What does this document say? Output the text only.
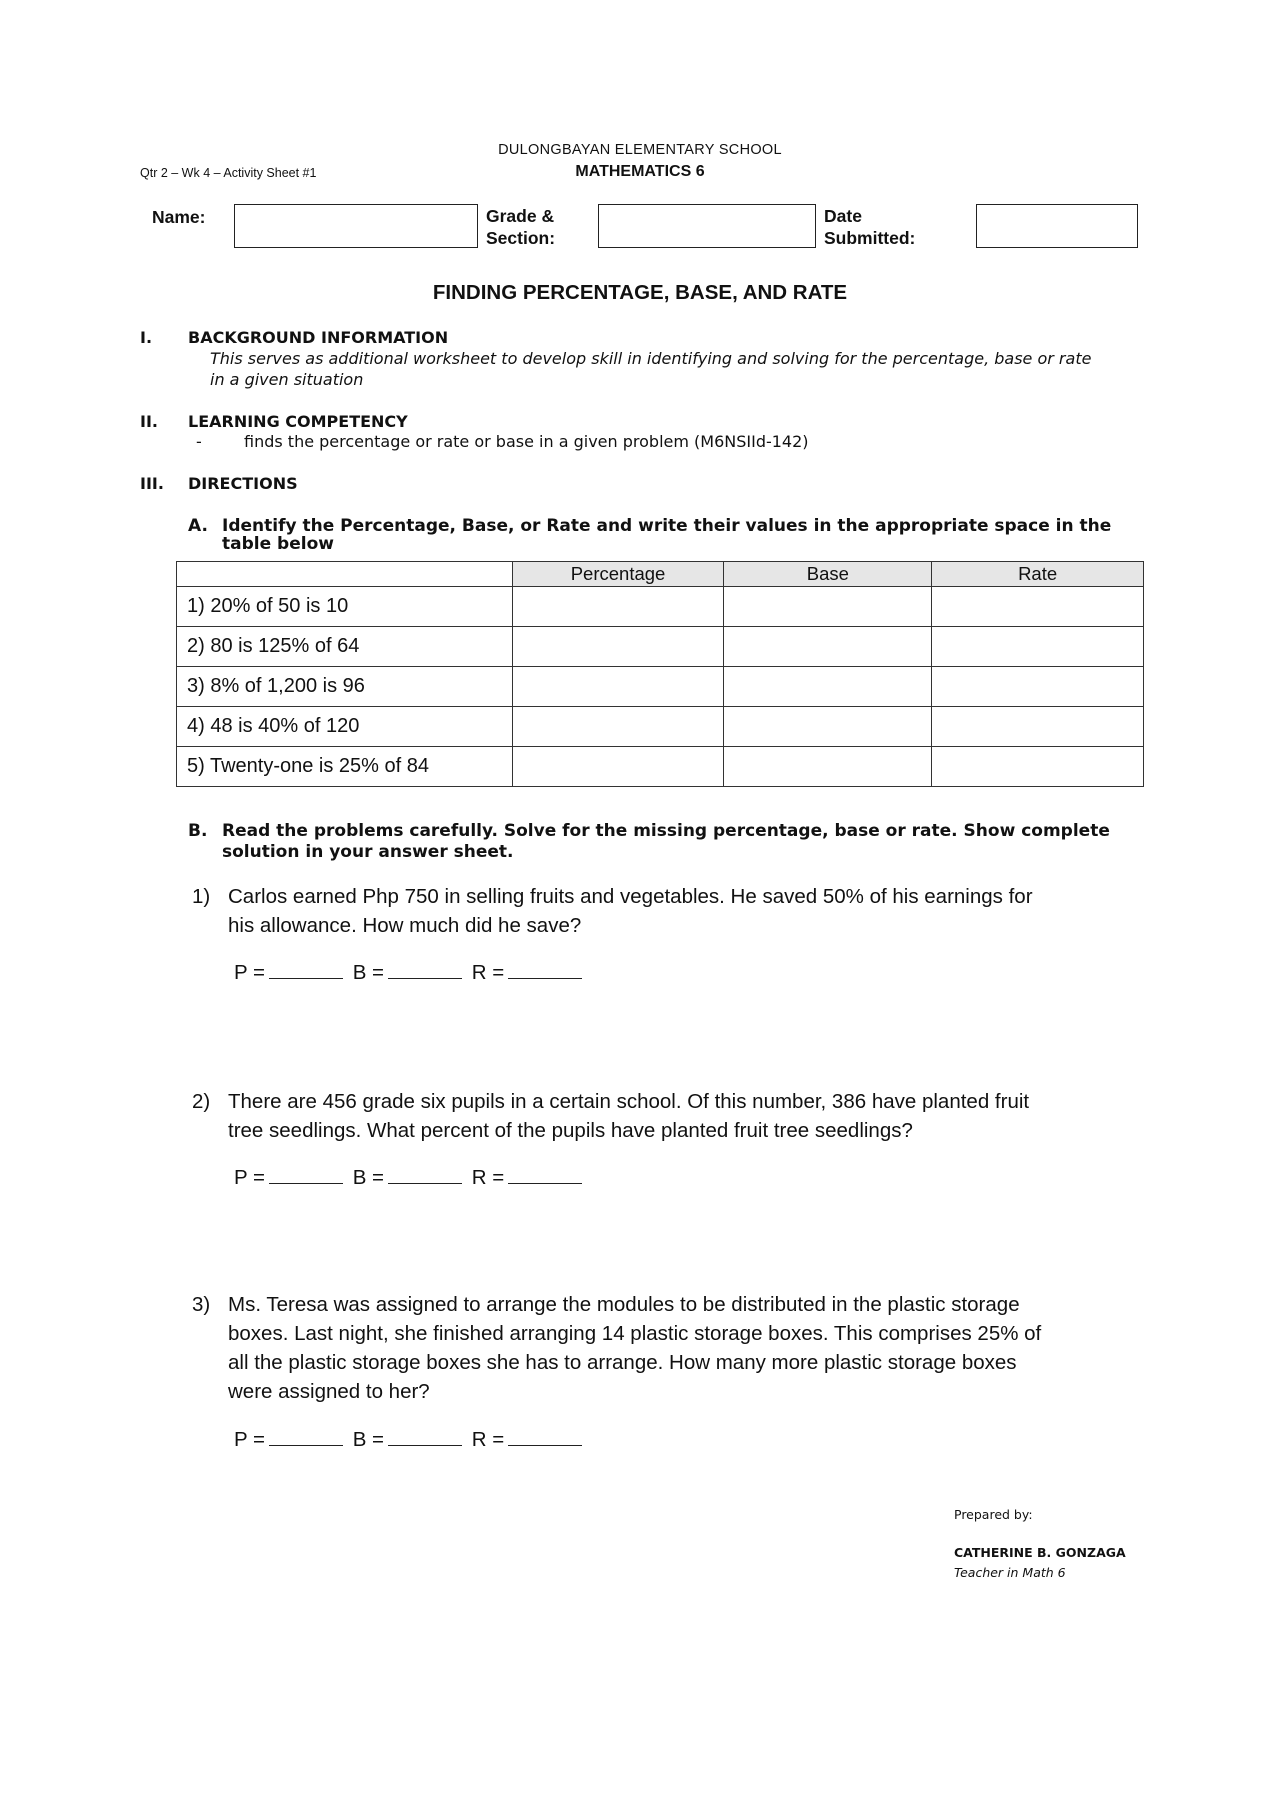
DULONGBAYAN ELEMENTARY SCHOOL
MATHEMATICS 6
Qtr 2 – Wk 4 – Activity Sheet #1
Name:	Grade &
Section:
Date
Submitted:
FINDING PERCENTAGE, BASE, AND RATE
I. BACKGROUND INFORMATION
This serves as additional worksheet to develop skill in identifying and solving for the percentage, base or rate
in a given situation
II. LEARNING COMPETENCY
-	finds the percentage or rate or base in a given problem (M6NSIId-142)
III. DIRECTIONS
A. Identify the Percentage, Base, or Rate and write their values in the appropriate space in the
table below
	Percentage	Base	Rate
1) 20% of 50 is 10			
2) 80 is 125% of 64			
3) 8% of 1,200 is 96			
4) 48 is 40% of 120			
5) Twenty-one is 25% of 84			
B. Read the problems carefully. Solve for the missing percentage, base or rate. Show complete
solution in your answer sheet.
1) Carlos earned Php 750 in selling fruits and vegetables. He saved 50% of his earnings for
his allowance. How much did he save?
P =	B =	R =
2) There are 456 grade six pupils in a certain school. Of this number, 386 have planted fruit
tree seedlings. What percent of the pupils have planted fruit tree seedlings?
P =	B =	R =
3) Ms. Teresa was assigned to arrange the modules to be distributed in the plastic storage
boxes. Last night, she finished arranging 14 plastic storage boxes. This comprises 25% of
all the plastic storage boxes she has to arrange. How many more plastic storage boxes
were assigned to her?
P =	B =	R =
Prepared by:
CATHERINE B. GONZAGA
Teacher in Math 6
